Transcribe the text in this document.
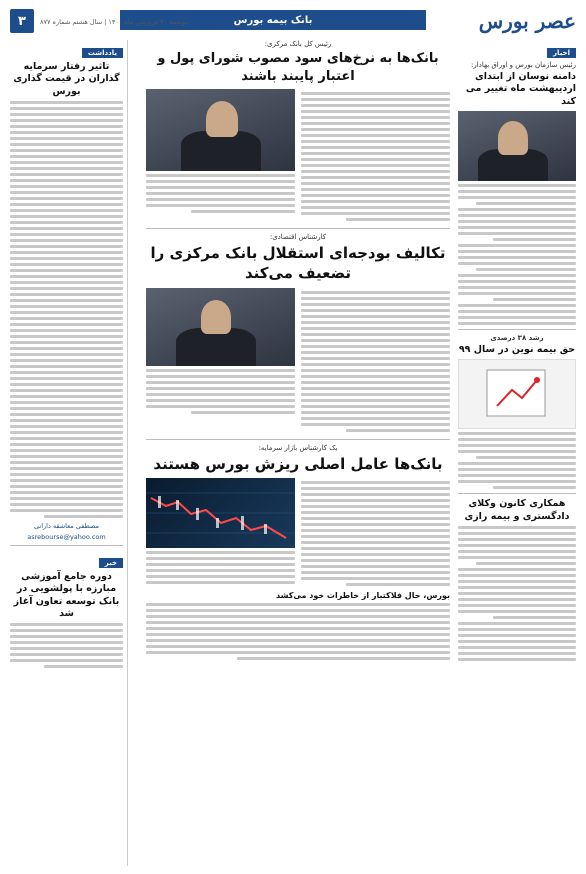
عصر بورس
بانک بیمه بورس
دوشنبه ۳۰ فروردین ماه ۱۴۰۰ | سال هشتم شماره ۸۷۷
۳
اخبار
رئیس سازمان بورس و اوراق بهادار:
دامنه نوسان از ابتدای اردیبهشت ماه تغییر می کند
رشد ۳۸ درصدی
حق بیمه نوین در سال ۹۹
همکاری کانون وکلای دادگستری و بیمه رازی
رئیس کل بانک مرکزی:
بانک‌ها به نرخ‌های سود مصوب شورای پول و اعتبار پایبند باشند
کارشناس اقتصادی:
تکالیف بودجه‌ای استقلال بانک مرکزی را تضعیف می‌کند
یک کارشناس بازار سرمایه:
بانک‌ها عامل اصلی ریزش بورس هستند
بورس، حال فلاکتبار از خاطرات خود می‌کشد
یادداشت
تاثیر رفتار سرمایه گذاران در قیمت گذاری بورس
مصطفی معاشقه دارانی
asrebourse@yahoo.com
خبر
دوره جامع آموزشی مبارزه با پولشویی در بانک توسعه تعاون آغاز شد
